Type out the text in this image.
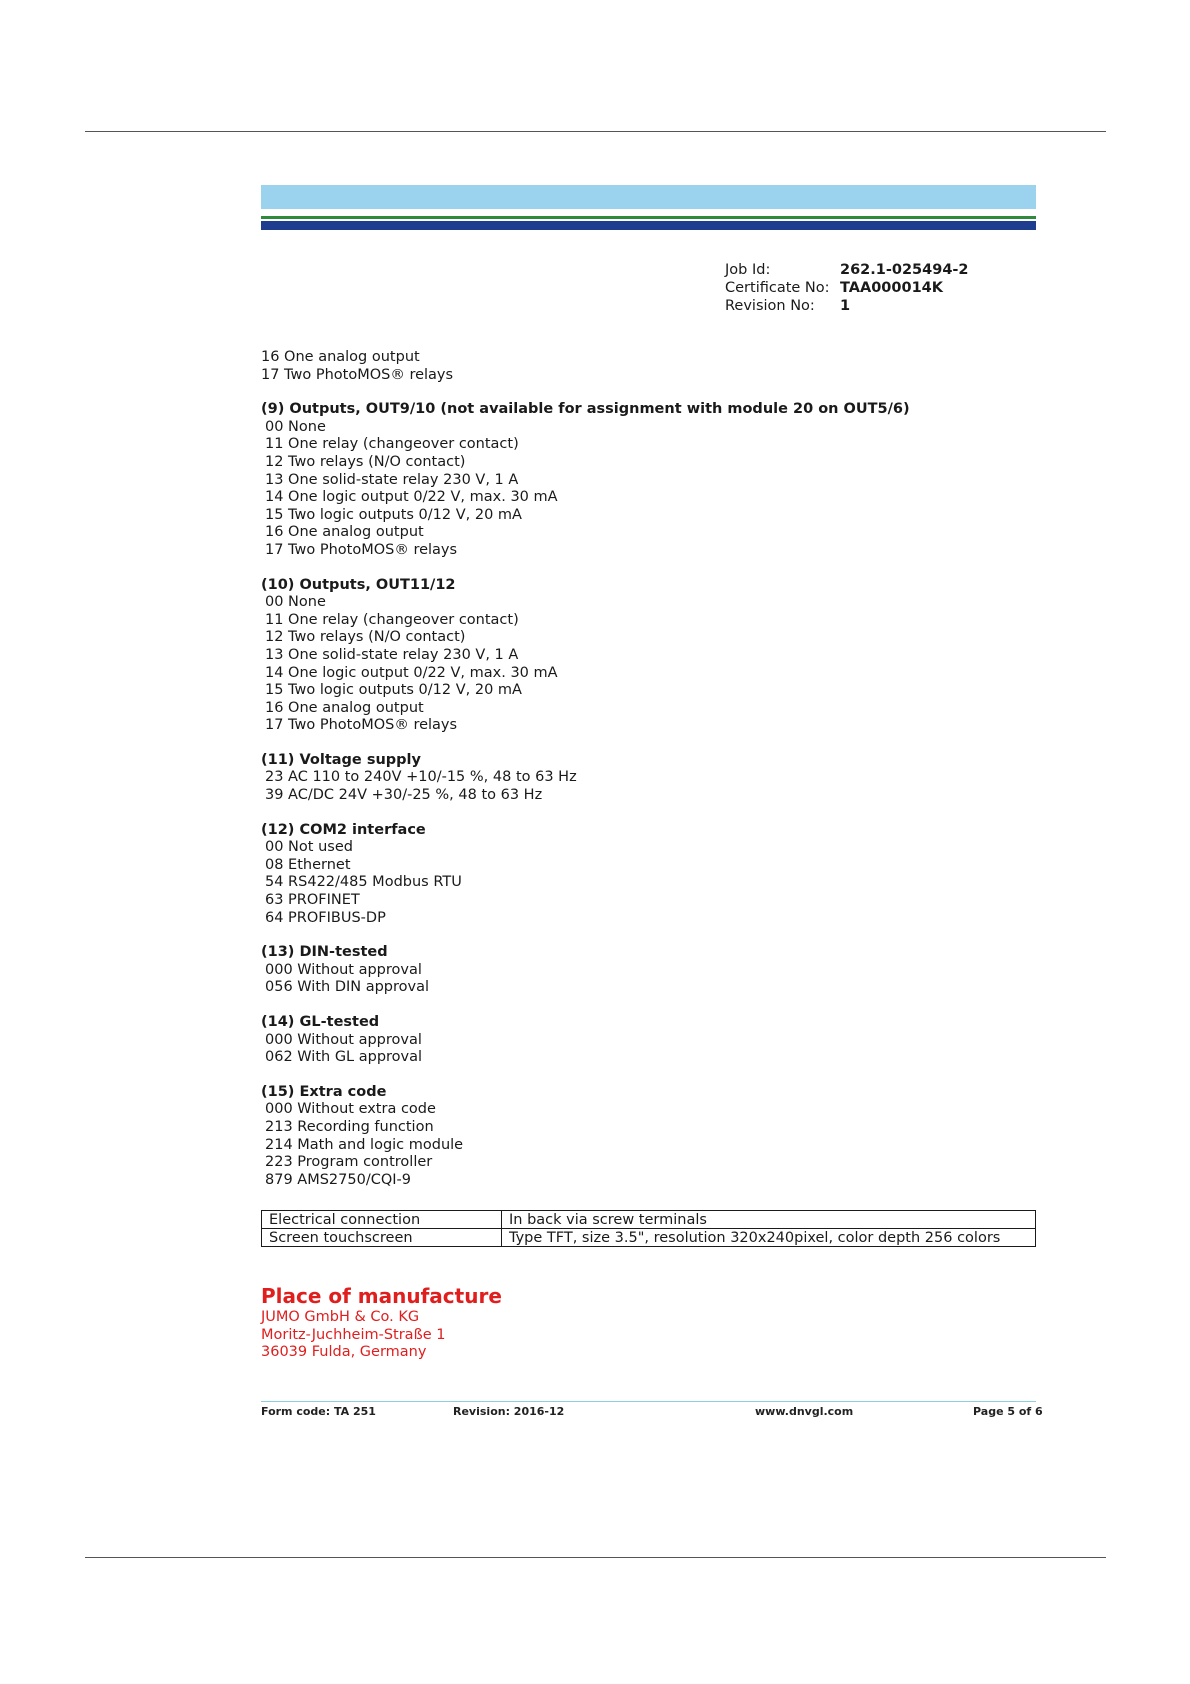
Job Id:	262.1-025494-2
Certificate No: TAA000014K
Revision No:	1
16 One analog output
17 Two PhotoMOS® relays
(9) Outputs, OUT9/10 (not available for assignment with module 20 on OUT5/6)
00 None
11 One relay (changeover contact)
12 Two relays (N/O contact)
13 One solid-state relay 230 V, 1 A
14 One logic output 0/22 V, max. 30 mA
15 Two logic outputs 0/12 V, 20 mA
16 One analog output
17 Two PhotoMOS® relays
(10) Outputs, OUT11/12
00 None
11 One relay (changeover contact)
12 Two relays (N/O contact)
13 One solid-state relay 230 V, 1 A
14 One logic output 0/22 V, max. 30 mA
15 Two logic outputs 0/12 V, 20 mA
16 One analog output
17 Two PhotoMOS® relays
(11) Voltage supply
23 AC 110 to 240V +10/-15 %, 48 to 63 Hz
39 AC/DC 24V +30/-25 %, 48 to 63 Hz
(12) COM2 interface
00 Not used
08 Ethernet
54 RS422/485 Modbus RTU
63 PROFINET
64 PROFIBUS-DP
(13) DIN-tested
000 Without approval
056 With DIN approval
(14) GL-tested
000 Without approval
062 With GL approval
(15) Extra code
000 Without extra code
213 Recording function
214 Math and logic module
223 Program controller
879 AMS2750/CQI-9
Electrical connection	In back via screw terminals
Screen touchscreen	Type TFT, size 3.5", resolution 320x240pixel, color depth 256 colors
Place of manufacture
JUMO GmbH & Co. KG
Moritz-Juchheim-Straße 1
36039 Fulda, Germany
Form code: TA 251	Revision: 2016-12	www.dnvgl.com	Page 5 of 6
